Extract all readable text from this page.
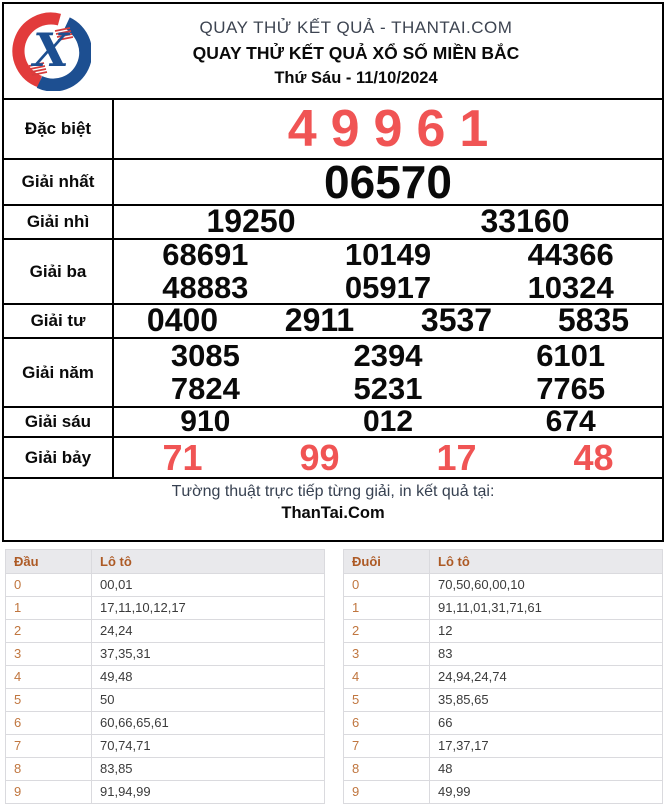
X	QUAY THỬ KẾT QUẢ - THANTAI.COM
QUAY THỬ KẾT QUẢ XỔ SỐ MIỀN BẮC
Thứ Sáu - 11/10/2024
Đặc biệt	49961
Giải nhất	06570
Giải nhì	19250	33160
Giải ba	68691	10149	44366
48883	05917	10324
Giải tư	0400	2911	3537	5835
Giải năm	3085	2394	6101
7824	5231	7765
Giải sáu	910	012	674
Giải bảy	71	99	17	48
Tường thuật trực tiếp từng giải, in kết quả tại:
ThanTai.Com
Đầu	Lô tô
0	00,01
1	17,11,10,12,17
2	24,24
3	37,35,31
4	49,48
5	50
6	60,66,65,61
7	70,74,71
8	83,85
9	91,94,99
Đuôi	Lô tô
0	70,50,60,00,10
1	91,11,01,31,71,61
2	12
3	83
4	24,94,24,74
5	35,85,65
6	66
7	17,37,17
8	48
9	49,99
